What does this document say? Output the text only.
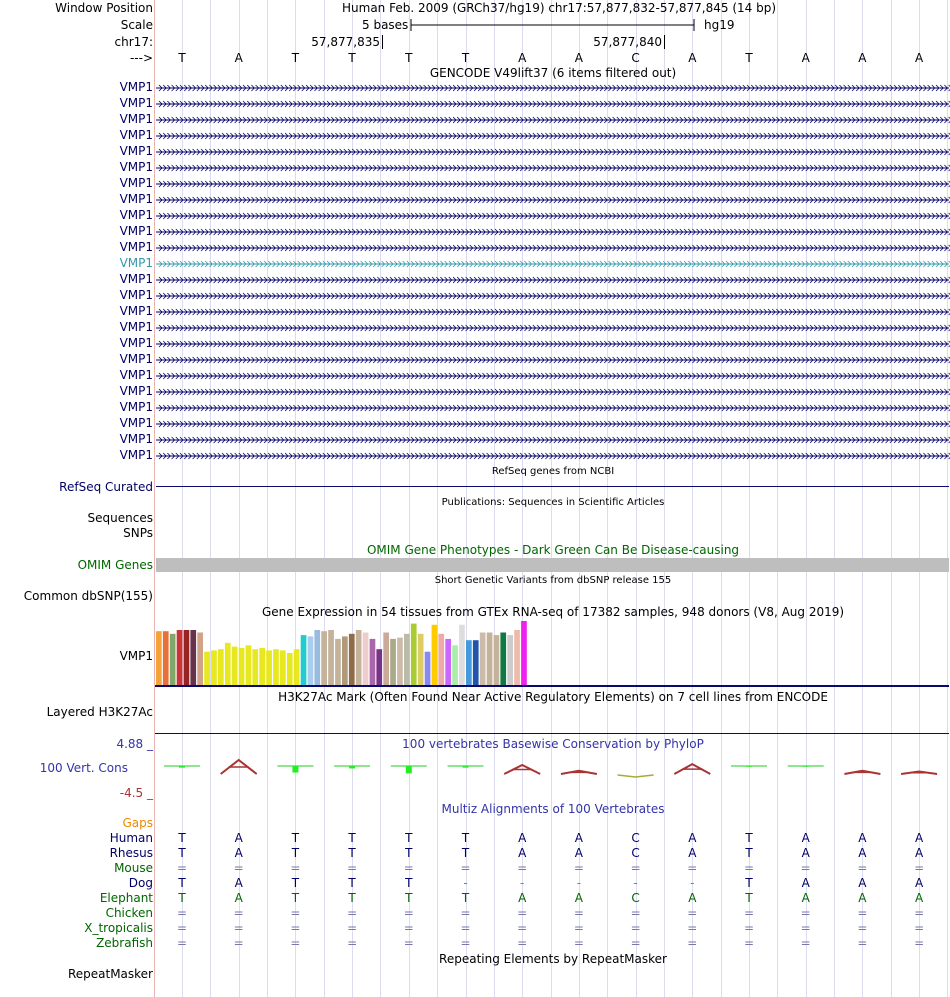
Window Position	Human Feb. 2009 (GRCh37/hg19) chr17:57,877,832-57,877,845 (14 bp)
Scale	5 bases	hg19
chr17:	57,877,835	57,877,840
--->	T	A	T	T	T	T	A	A	C	A	T	A	A	A
GENCODE V49lift37 (6 items filtered out)
VMP1
VMP1
VMP1
VMP1
VMP1
VMP1
VMP1
VMP1
VMP1
VMP1
VMP1
VMP1
VMP1
VMP1
VMP1
VMP1
VMP1
VMP1
VMP1
VMP1
VMP1
VMP1
VMP1
VMP1
RefSeq genes from NCBI
RefSeq Curated
Publications: Sequences in Scientific Articles
Sequences
SNPs
OMIM Gene Phenotypes - Dark Green Can Be Disease-causing
OMIM Genes
Short Genetic Variants from dbSNP release 155
Common dbSNP(155)
Gene Expression in 54 tissues from GTEx RNA-seq of 17382 samples, 948 donors (V8, Aug 2019)
VMP1
H3K27Ac Mark (Often Found Near Active Regulatory Elements) on 7 cell lines from ENCODE
Layered H3K27Ac
100 vertebrates Basewise Conservation by PhyloP
4.88 _
100 Vert. Cons
-4.5 _
Multiz Alignments of 100 Vertebrates
Gaps
Human	T	A	T	T	T	T	A	A	C	A	T	A	A	A
Rhesus	T	A	T	T	T	T	A	A	C	A	T	A	A	A
Mouse	=	=	=	=	=	=	=	=	=	=	=	=	=	=
Dog	T	A	T	T	T	-	-	-	-	-	T	A	A	A
Elephant	T	A	T	T	T	T	A	A	C	A	T	A	A	A
Chicken	=	=	=	=	=	=	=	=	=	=	=	=	=	=
X_tropicalis	=	=	=	=	=	=	=	=	=	=	=	=	=	=
Zebrafish	=	=	=	=	=	=	=	=	=	=	=	=	=	=
Repeating Elements by RepeatMasker
RepeatMasker
